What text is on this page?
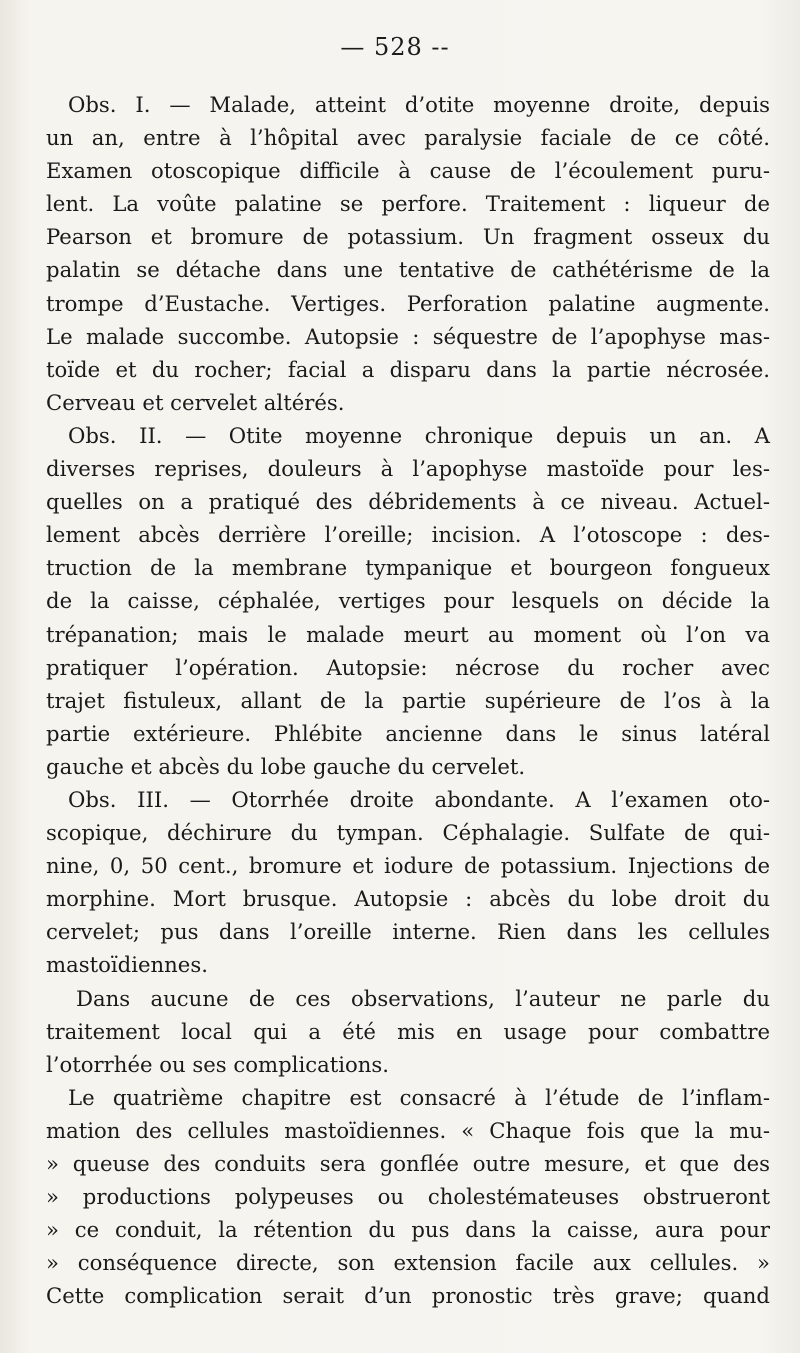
— 528 --
Obs. I. — Malade, atteint d’otite moyenne droite, depuis
un an, entre à l’hôpital avec paralysie faciale de ce côté.
Examen otoscopique difficile à cause de l’écoulement puru-
lent. La voûte palatine se perfore. Traitement : liqueur de
Pearson et bromure de potassium. Un fragment osseux du
palatin se détache dans une tentative de cathétérisme de la
trompe d’Eustache. Vertiges. Perforation palatine augmente.
Le malade succombe. Autopsie : séquestre de l’apophyse mas-
toïde et du rocher; facial a disparu dans la partie nécrosée.
Cerveau et cervelet altérés.
Obs. II. — Otite moyenne chronique depuis un an. A
diverses reprises, douleurs à l’apophyse mastoïde pour les-
quelles on a pratiqué des débridements à ce niveau. Actuel-
lement abcès derrière l’oreille; incision. A l’otoscope : des-
truction de la membrane tympanique et bourgeon fongueux
de la caisse, céphalée, vertiges pour lesquels on décide la
trépanation; mais le malade meurt au moment où l’on va
pratiquer l’opération. Autopsie: nécrose du rocher avec
trajet fistuleux, allant de la partie supérieure de l’os à la
partie extérieure. Phlébite ancienne dans le sinus latéral
gauche et abcès du lobe gauche du cervelet.
Obs. III. — Otorrhée droite abondante. A l’examen oto-
scopique, déchirure du tympan. Céphalagie. Sulfate de qui-
nine, 0, 50 cent., bromure et iodure de potassium. Injections de
morphine. Mort brusque. Autopsie : abcès du lobe droit du
cervelet; pus dans l’oreille interne. Rien dans les cellules
mastoïdiennes.
Dans aucune de ces observations, l’auteur ne parle du
traitement local qui a été mis en usage pour combattre
l’otorrhée ou ses complications.
Le quatrième chapitre est consacré à l’étude de l’inflam-
mation des cellules mastoïdiennes. « Chaque fois que la mu-
» queuse des conduits sera gonflée outre mesure, et que des
» productions polypeuses ou cholestémateuses obstrueront
» ce conduit, la rétention du pus dans la caisse, aura pour
» conséquence directe, son extension facile aux cellules. »
Cette complication serait d’un pronostic très grave; quand
